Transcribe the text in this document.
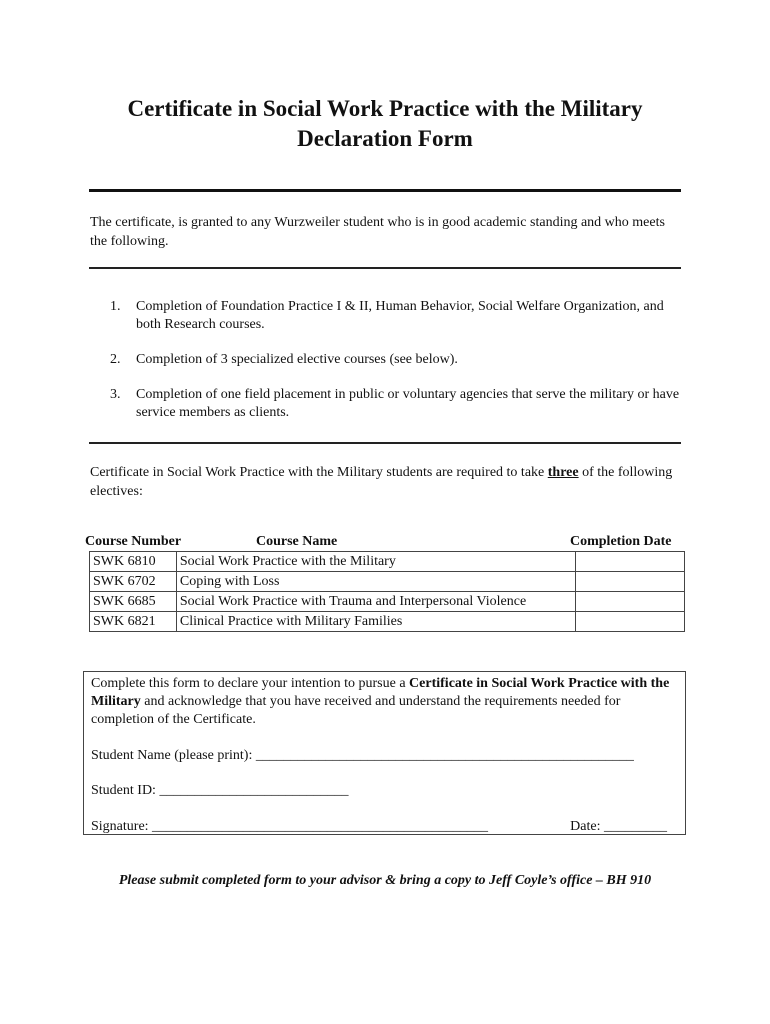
Certificate in Social Work Practice with the Military
Declaration Form
The certificate, is granted to any Wurzweiler student who is in good academic standing and who meets the following.
1.	Completion of Foundation Practice I & II, Human Behavior, Social Welfare Organization, and both Research courses.
2.	Completion of 3 specialized elective courses (see below).
3.	Completion of one field placement in public or voluntary agencies that serve the military or have service members as clients.
Certificate in Social Work Practice with the Military students are required to take three of the following electives:
Course Number	Course Name	Completion Date
SWK 6810	Social Work Practice with the Military	
SWK 6702	Coping with Loss	
SWK 6685	Social Work Practice with Trauma and Interpersonal Violence	
SWK 6821	Clinical Practice with Military Families	
Complete this form to declare your intention to pursue a Certificate in Social Work Practice with the Military and acknowledge that you have received and understand the requirements needed for completion of the Certificate.
Student Name (please print): ______________________________________________________
Student ID: ___________________________
Signature: ________________________________________________	Date: _________
Please submit completed form to your advisor & bring a copy to Jeff Coyle’s office – BH 910
